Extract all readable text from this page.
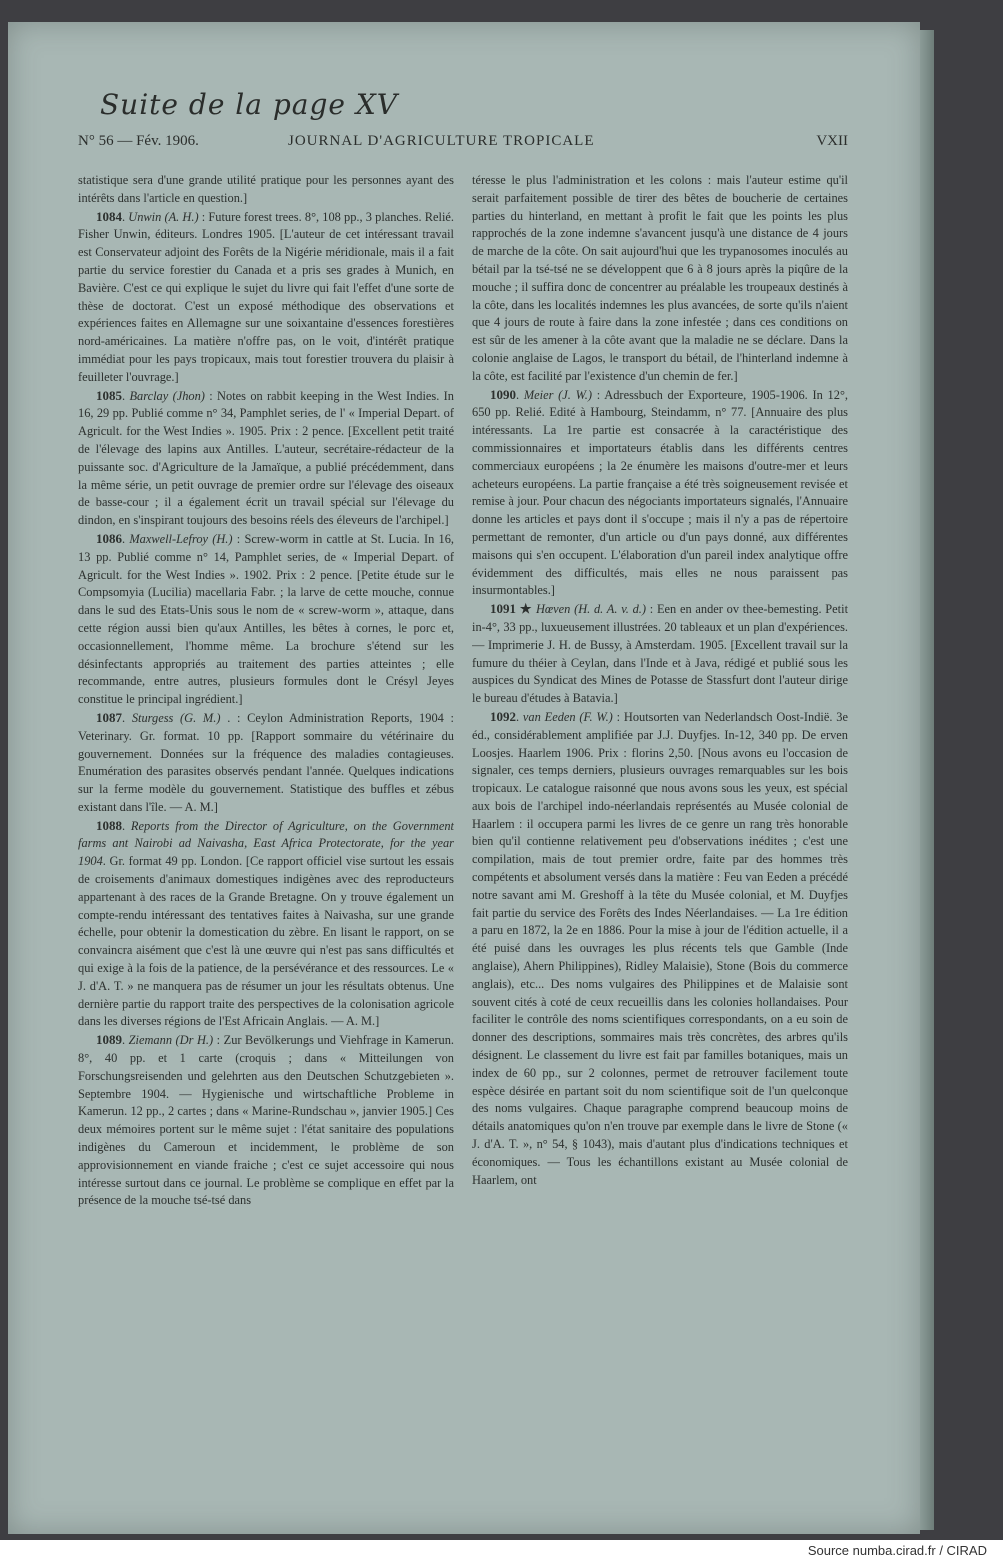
Suite de la page XV
N° 56 — Fév. 1906.	JOURNAL D'AGRICULTURE TROPICALE	VXII

statistique sera d'une grande utilité pratique pour les personnes ayant des intérêts dans l'article en question.]

1084. Unwin (A. H.) : Future forest trees. 8°, 108 pp., 3 planches. Relié. Fisher Unwin, éditeurs. Londres 1905. [L'auteur de cet intéressant travail est Conservateur adjoint des Forêts de la Nigérie méridionale, mais il a fait partie du service forestier du Canada et a pris ses grades à Munich, en Bavière. C'est ce qui explique le sujet du livre qui fait l'effet d'une sorte de thèse de doctorat. C'est un exposé méthodique des observations et expériences faites en Allemagne sur une soixantaine d'essences forestières nord-américaines. La matière n'offre pas, on le voit, d'intérêt pratique immédiat pour les pays tropicaux, mais tout forestier trouvera du plaisir à feuilleter l'ouvrage.]

1085. Barclay (Jhon) : Notes on rabbit keeping in the West Indies. In 16, 29 pp. Publié comme n° 34, Pamphlet series, de l' « Imperial Depart. of Agricult. for the West Indies ». 1905. Prix : 2 pence. [Excellent petit traité de l'élevage des lapins aux Antilles. L'auteur, secrétaire-rédacteur de la puissante soc. d'Agriculture de la Jamaïque, a publié précédemment, dans la même série, un petit ouvrage de premier ordre sur l'élevage des oiseaux de basse-cour ; il a également écrit un travail spécial sur l'élevage du dindon, en s'inspirant toujours des besoins réels des éleveurs de l'archipel.]

1086. Maxwell-Lefroy (H.) : Screw-worm in cattle at St. Lucia. In 16, 13 pp. Publié comme n° 14, Pamphlet series, de « Imperial Depart. of Agricult. for the West Indies ». 1902. Prix : 2 pence. [Petite étude sur le Compsomyia (Lucilia) macellaria Fabr. ; la larve de cette mouche, connue dans le sud des Etats-Unis sous le nom de « screw-worm », attaque, dans cette région aussi bien qu'aux Antilles, les bêtes à cornes, le porc et, occasionnellement, l'homme même. La brochure s'étend sur les désinfectants appropriés au traitement des parties atteintes ; elle recommande, entre autres, plusieurs formules dont le Crésyl Jeyes constitue le principal ingrédient.]

1087. Sturgess (G. M.) . : Ceylon Administration Reports, 1904 : Veterinary. Gr. format. 10 pp. [Rapport sommaire du vétérinaire du gouvernement. Données sur la fréquence des maladies contagieuses. Enumération des parasites observés pendant l'année. Quelques indications sur la ferme modèle du gouvernement. Statistique des buffles et zébus existant dans l'île. — A. M.]

1088. Reports from the Director of Agriculture, on the Government farms ant Nairobi ad Naivasha, East Africa Protectorate, for the year 1904. Gr. format 49 pp. London. [Ce rapport officiel vise surtout les essais de croisements d'animaux domestiques indigènes avec des reproducteurs appartenant à des races de la Grande Bretagne. On y trouve également un compte-rendu intéressant des tentatives faites à Naivasha, sur une grande échelle, pour obtenir la domestication du zèbre. En lisant le rapport, on se convaincra aisément que c'est là une œuvre qui n'est pas sans difficultés et qui exige à la fois de la patience, de la persévérance et des ressources. Le « J. d'A. T. » ne manquera pas de résumer un jour les résultats obtenus. Une dernière partie du rapport traite des perspectives de la colonisation agricole dans les diverses régions de l'Est Africain Anglais. — A. M.]

1089. Ziemann (Dr H.) : Zur Bevölkerungs und Viehfrage in Kamerun. 8°, 40 pp. et 1 carte (croquis ; dans « Mitteilungen von Forschungsreisenden und gelehrten aus den Deutschen Schutzgebieten ». Septembre 1904. — Hygienische und wirtschaftliche Probleme in Kamerun. 12 pp., 2 cartes ; dans « Marine-Rundschau », janvier 1905.] Ces deux mémoires portent sur le même sujet : l'état sanitaire des populations indigènes du Cameroun et incidemment, le problème de son approvisionnement en viande fraiche ; c'est ce sujet accessoire qui nous intéresse surtout dans ce journal. Le problème se complique en effet par la présence de la mouche tsé-tsé dans

téresse le plus l'administration et les colons : mais l'auteur estime qu'il serait parfaitement possible de tirer des bêtes de boucherie de certaines parties du hinterland, en mettant à profit le fait que les points les plus rapprochés de la zone indemne s'avancent jusqu'à une distance de 4 jours de marche de la côte. On sait aujourd'hui que les trypanosomes inoculés au bétail par la tsé-tsé ne se développent que 6 à 8 jours après la piqûre de la mouche ; il suffira donc de concentrer au préalable les troupeaux destinés à la côte, dans les localités indemnes les plus avancées, de sorte qu'ils n'aient que 4 jours de route à faire dans la zone infestée ; dans ces conditions on est sûr de les amener à la côte avant que la maladie ne se déclare. Dans la colonie anglaise de Lagos, le transport du bétail, de l'hinterland indemne à la côte, est facilité par l'existence d'un chemin de fer.]

1090. Meier (J. W.) : Adressbuch der Exporteure, 1905-1906. In 12°, 650 pp. Relié. Edité à Hambourg, Steindamm, n° 77. [Annuaire des plus intéressants. La 1re partie est consacrée à la caractéristique des commissionnaires et importateurs établis dans les différents centres commerciaux européens ; la 2e énumère les maisons d'outre-mer et leurs acheteurs européens. La partie française a été très soigneusement revisée et remise à jour. Pour chacun des négociants importateurs signalés, l'Annuaire donne les articles et pays dont il s'occupe ; mais il n'y a pas de répertoire permettant de remonter, d'un article ou d'un pays donné, aux différentes maisons qui s'en occupent. L'élaboration d'un pareil index analytique offre évidemment des difficultés, mais elles ne nous paraissent pas insurmontables.]

1091 ★ Hœven (H. d. A. v. d.) : Een en ander ov thee-bemesting. Petit in-4°, 33 pp., luxueusement illustrées. 20 tableaux et un plan d'expériences. — Imprimerie J. H. de Bussy, à Amsterdam. 1905. [Excellent travail sur la fumure du théier à Ceylan, dans l'Inde et à Java, rédigé et publié sous les auspices du Syndicat des Mines de Potasse de Stassfurt dont l'auteur dirige le bureau d'études à Batavia.]

1092. van Eeden (F. W.) : Houtsorten van Nederlandsch Oost-Indië. 3e éd., considérablement amplifiée par J.J. Duyfjes. In-12, 340 pp. De erven Loosjes. Haarlem 1906. Prix : florins 2,50. [Nous avons eu l'occasion de signaler, ces temps derniers, plusieurs ouvrages remarquables sur les bois tropicaux. Le catalogue raisonné que nous avons sous les yeux, est spécial aux bois de l'archipel indo-néerlandais représentés au Musée colonial de Haarlem : il occupera parmi les livres de ce genre un rang très honorable bien qu'il contienne relativement peu d'observations inédites ; c'est une compilation, mais de tout premier ordre, faite par des hommes très compétents et absolument versés dans la matière : Feu van Eeden a précédé notre savant ami M. Greshoff à la tête du Musée colonial, et M. Duyfjes fait partie du service des Forêts des Indes Néerlandaises. — La 1re édition a paru en 1872, la 2e en 1886. Pour la mise à jour de l'édition actuelle, il a été puisé dans les ouvrages les plus récents tels que Gamble (Inde anglaise), Ahern Philippines), Ridley Malaisie), Stone (Bois du commerce anglais), etc... Des noms vulgaires des Philippines et de Malaisie sont souvent cités à coté de ceux recueillis dans les colonies hollandaises. Pour faciliter le contrôle des noms scientifiques correspondants, on a eu soin de donner des descriptions, sommaires mais très concrètes, des arbres qu'ils désignent. Le classement du livre est fait par familles botaniques, mais un index de 60 pp., sur 2 colonnes, permet de retrouver facilement toute espèce désirée en partant soit du nom scientifique soit de l'un quelconque des noms vulgaires. Chaque paragraphe comprend beaucoup moins de détails anatomiques qu'on n'en trouve par exemple dans le livre de Stone (« J. d'A. T. », n° 54, § 1043), mais d'autant plus d'indications techniques et économiques. — Tous les échantillons existant au Musée colonial de Haarlem, ont

Source numba.cirad.fr / CIRAD
